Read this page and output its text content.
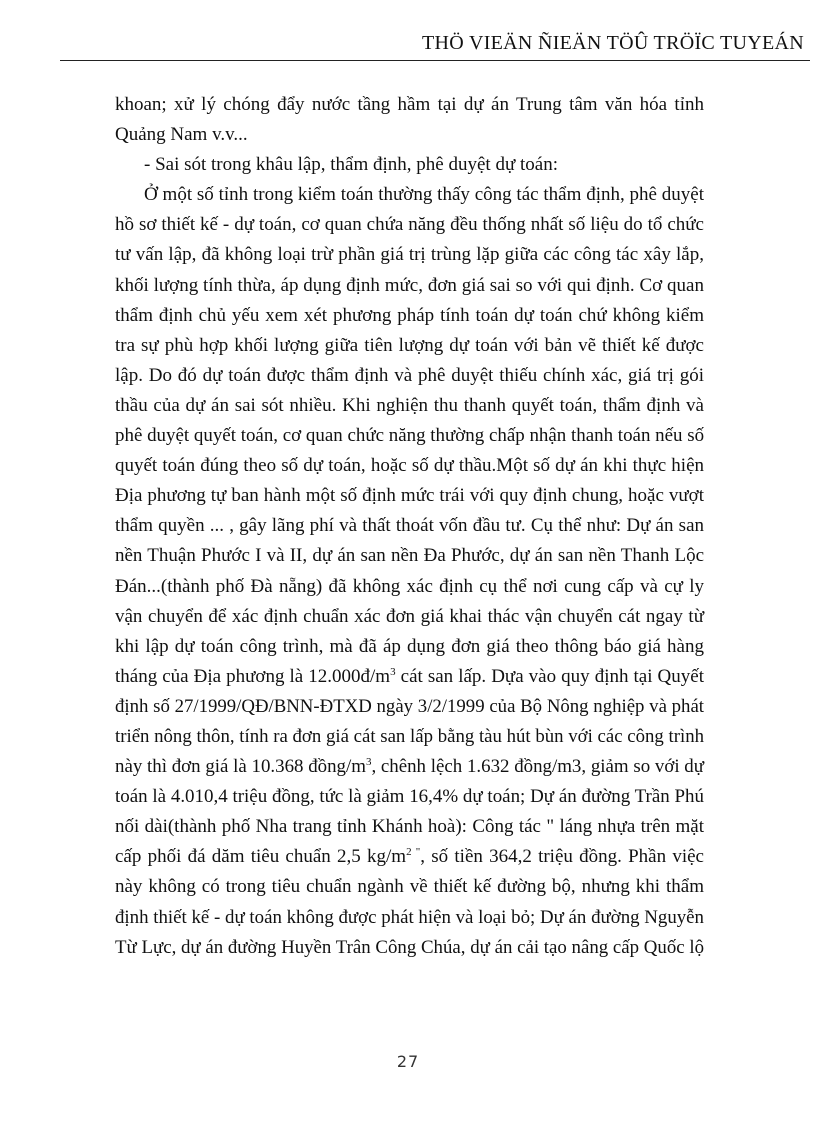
THÖ VIEÄN ÑIEÄN TÖÛ TRÖÏC TUYEÁN
khoan; xử lý chóng đẩy nước tầng hầm tại dự án Trung tâm văn hóa tỉnh
Quảng Nam v.v...
- Sai sót trong khâu lập, thẩm định, phê duyệt dự toán:
Ở một số tỉnh trong kiểm toán thường thấy công tác thẩm định, phê duyệt
hồ sơ thiết kế - dự toán, cơ quan chứa năng đều thống nhất số liệu do tổ chức
tư vấn lập, đã không loại trừ phần giá trị trùng lặp giữa các công tác xây lắp,
khối lượng tính thừa, áp dụng định mức, đơn giá sai so với qui định. Cơ quan
thẩm định chủ yếu xem xét phương pháp tính toán dự toán chứ không kiểm
tra sự phù hợp khối lượng giữa tiên lượng dự toán với bản vẽ thiết kế được
lập. Do đó dự toán được thẩm định và phê duyệt thiếu chính xác, giá trị gói
thầu của dự án sai sót nhiều. Khi nghiện thu thanh quyết toán, thẩm định và
phê duyệt quyết toán, cơ quan chức năng thường chấp nhận thanh toán nếu số
quyết toán đúng theo số dự toán, hoặc số dự thầu.Một số dự án khi thực hiện
Địa phương tự ban hành một số định mức trái với quy định chung, hoặc vượt
thẩm quyền ... , gây lãng phí và thất thoát vốn đầu tư. Cụ thể như: Dự án san
nền Thuận Phước I và II, dự án san nền Đa Phước, dự án san nền Thanh Lộc
Đán...(thành phố Đà nẵng) đã không xác định cụ thể nơi cung cấp và cự ly
vận chuyển để xác định chuẩn xác đơn giá khai thác vận chuyển cát ngay từ
khi lập dự toán công trình, mà đã áp dụng đơn giá theo thông báo giá hàng
tháng của Địa phương là $12.000đ/m^3$ cát san lấp. Dựa vào quy định tại Quyết
định số 27/1999/QĐ/BNN-ĐTXD ngày 3/2/1999 của Bộ Nông nghiệp và phát
triển nông thôn, tính ra đơn giá cát san lấp bằng tàu hút bùn với các công trình
này thì đơn giá là 10.368 đồng/$m^3$, chênh lệch 1.632 đồng/m3, giảm so với dự
toán là 4.010,4 triệu đồng, tức là giảm 16,4% dự toán; Dự án đường Trần Phú
nối dài(thành phố Nha trang tỉnh Khánh hoà): Công tác " láng nhựa trên mặt
cấp phối đá dăm tiêu chuẩn 2,5 $kg/m^{2 "}$, số tiền 364,2 triệu đồng. Phần việc
này không có trong tiêu chuẩn ngành về thiết kế đường bộ, nhưng khi thẩm
định thiết kế - dự toán không được phát hiện và loại bỏ; Dự án đường Nguyễn
Từ Lực, dự án đường Huyền Trân Công Chúa, dự án cải tạo nâng cấp Quốc lộ
27
